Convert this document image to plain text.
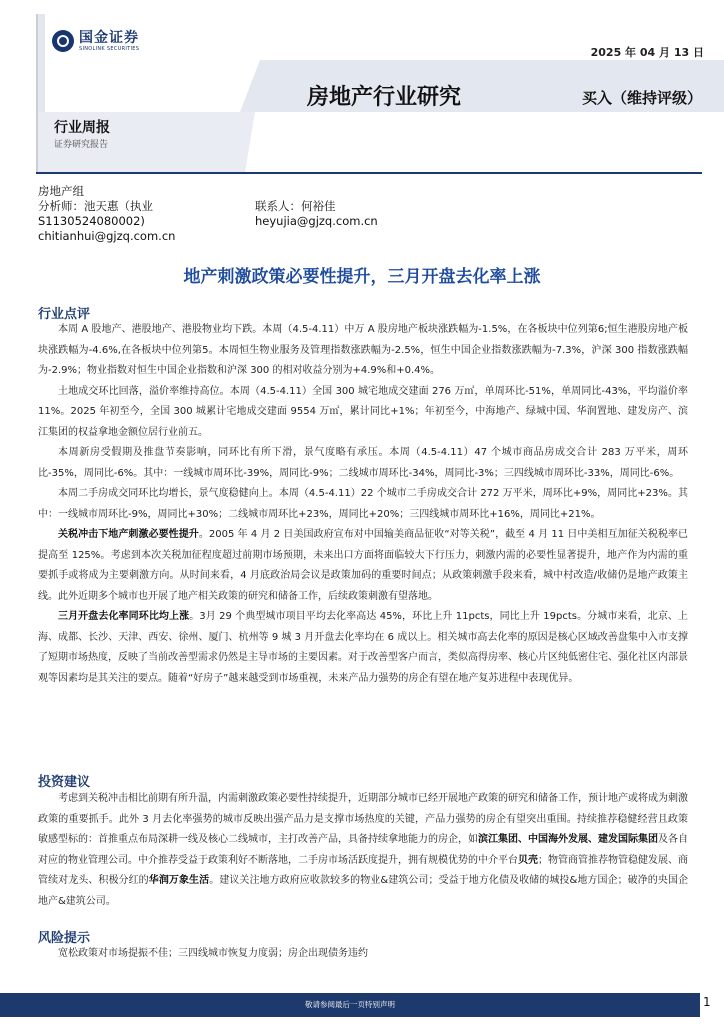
国金证券
SINOLINK SECURITIES	2025 年 04 月 13 日
房地产行业研究	买入（维持评级）
行业周报
证券研究报告
房地产组
分析师：池天惠（执业
S1130524080002)
chitianhui@gjzq.com.cn
联系人：何裕佳
heyujia@gjzq.com.cn
地产刺激政策必要性提升，三月开盘去化率上涨
行业点评

本周 A 股地产、港股地产、港股物业均下跌。本周（4.5-4.11）中万 A 股房地产板块涨跌幅为-1.5%，在各板块中位列第6;恒生港股房地产板块涨跌幅为-4.6%,在各板块中位列第5。本周恒生物业服务及管理指数涨跌幅为-2.5%，恒生中国企业指数涨跌幅为-7.3%，沪深 300 指数涨跌幅为-2.9%；物业指数对恒生中国企业指数和沪深 300 的相对收益分别为+4.9%和+0.4%。

土地成交环比回落，溢价率维持高位。本周（4.5-4.11）全国 300 城宅地成交建面 276 万㎡，单周环比-51%，单周同比-43%，平均溢价率 11%。2025 年初至今，全国 300 城累计宅地成交建面 9554 万㎡，累计同比+1%；年初至今，中海地产、绿城中国、华润置地、建发房产、滨江集团的权益拿地金额位居行业前五。

本周新房受假期及推盘节奏影响，同环比有所下滑，景气度略有承压。本周（4.5-4.11）47 个城市商品房成交合计 283 万平米，周环比-35%，周同比-6%。其中：一线城市周环比-39%，周同比-9%；二线城市周环比-34%，周同比-3%；三四线城市周环比-33%，周同比-6%。

本周二手房成交同环比均增长，景气度稳健向上。本周（4.5-4.11）22 个城市二手房成交合计 272 万平米，周环比+9%，周同比+23%。其中：一线城市周环比-9%，周同比+30%；二线城市周环比+23%，周同比+20%；三四线城市周环比+16%，周同比+21%。

关税冲击下地产刺激必要性提升。2005 年 4 月 2 日美国政府宣布对中国输美商品征收“对等关税”，截至 4 月 11 日中美相互加征关税税率已提高至 125%。考虑到本次关税加征程度超过前期市场预期，未来出口方面将面临较大下行压力，刺激内需的必要性显著提升，地产作为内需的重要抓手或将成为主要刺激方向。从时间来看，4 月底政治局会议是政策加码的重要时间点；从政策刺激手段来看，城中村改造/收储仍是地产政策主线。此外近期多个城市也开展了地产相关政策的研究和储备工作，后续政策刺激有望落地。

三月开盘去化率同环比均上涨。3月 29 个典型城市项目平均去化率高达 45%，环比上升 11pcts，同比上升 19pcts。分城市来看，北京、上海、成都、长沙、天津、西安、徐州、厦门、杭州等 9 城 3 月开盘去化率均在 6 成以上。相关城市高去化率的原因是核心区域改善盘集中入市支撑了短期市场热度，反映了当前改善型需求仍然是主导市场的主要因素。对于改善型客户而言，类似高得房率、核心片区纯低密住宅、强化社区内部景观等因素均是其关注的要点。随着“好房子”越来越受到市场重视，未来产品力强势的房企有望在地产复苏进程中表现优异。

投资建议

考虑到关税冲击相比前期有所升温，内需刺激政策必要性持续提升，近期部分城市已经开展地产政策的研究和储备工作，预计地产或将成为刺激政策的重要抓手。此外 3 月去化率强势的城市反映出强产品力是支撑市场热度的关键，产品力强势的房企有望突出重围。持续推荐稳健经营且政策敏感型标的：首推重点布局深耕一线及核心二线城市，主打改善产品，具备持续拿地能力的房企，如滨江集团、中国海外发展、建发国际集团及各自对应的物业管理公司。中介推荐受益于政策利好不断落地，二手房市场活跃度提升，拥有规模优势的中介平台贝壳；物管商管推荐物管稳健发展、商管续对龙头、积极分红的华润万象生活。建议关注地方政府应收款较多的物业&建筑公司；受益于地方化债及收储的城投&地方国企；破净的央国企地产&建筑公司。

风险提示

宽松政策对市场提振不佳；三四线城市恢复力度弱；房企出现债务违约

敬请参阅最后一页特别声明	1
